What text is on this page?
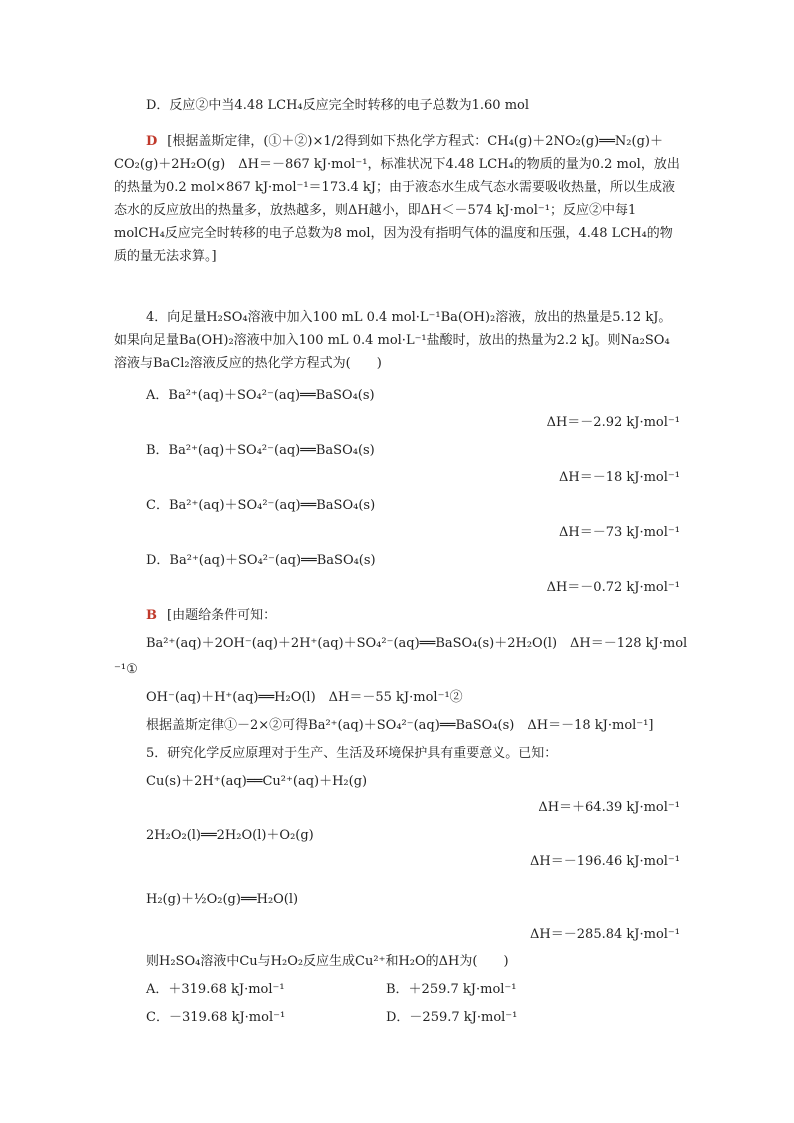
D．反应②中当4.48 LCH₄反应完全时转移的电子总数为1.60 mol
D [根据盖斯定律，(①＋②)×1/2得到如下热化学方程式：CH₄(g)＋2NO₂(g)══N₂(g)＋CO₂(g)＋2H₂O(g)　ΔH＝－867 kJ·mol⁻¹，标准状况下4.48 LCH₄的物质的量为0.2 mol，放出的热量为0.2 mol×867 kJ·mol⁻¹＝173.4 kJ；由于液态水生成气态水需要吸收热量，所以生成液态水的反应放出的热量多，放热越多，则ΔH越小，即ΔH＜－574 kJ·mol⁻¹；反应②中每1 molCH₄反应完全时转移的电子总数为8 mol，因为没有指明气体的温度和压强，4.48 LCH₄的物质的量无法求算。]
4．向足量H₂SO₄溶液中加入100 mL 0.4 mol·L⁻¹Ba(OH)₂溶液，放出的热量是5.12 kJ。如果向足量Ba(OH)₂溶液中加入100 mL 0.4 mol·L⁻¹盐酸时，放出的热量为2.2 kJ。则Na₂SO₄溶液与BaCl₂溶液反应的热化学方程式为(　　)
A．Ba²⁺(aq)＋SO₄²⁻(aq)══BaSO₄(s)
ΔH＝－2.92 kJ·mol⁻¹
B．Ba²⁺(aq)＋SO₄²⁻(aq)══BaSO₄(s)
ΔH＝－18 kJ·mol⁻¹
C．Ba²⁺(aq)＋SO₄²⁻(aq)══BaSO₄(s)
ΔH＝－73 kJ·mol⁻¹
D．Ba²⁺(aq)＋SO₄²⁻(aq)══BaSO₄(s)
ΔH＝－0.72 kJ·mol⁻¹
B [由题给条件可知：
Ba²⁺(aq)＋2OH⁻(aq)＋2H⁺(aq)＋SO₄²⁻(aq)══BaSO₄(s)＋2H₂O(l)　ΔH＝－128 kJ·mol
⁻¹①
OH⁻(aq)＋H⁺(aq)══H₂O(l)　ΔH＝－55 kJ·mol⁻¹②
根据盖斯定律①－2×②可得Ba²⁺(aq)＋SO₄²⁻(aq)══BaSO₄(s)　ΔH＝－18 kJ·mol⁻¹]
5．研究化学反应原理对于生产、生活及环境保护具有重要意义。已知：
Cu(s)＋2H⁺(aq)══Cu²⁺(aq)＋H₂(g)
ΔH＝＋64.39 kJ·mol⁻¹
2H₂O₂(l)══2H₂O(l)＋O₂(g)
ΔH＝－196.46 kJ·mol⁻¹
H₂(g)＋½O₂(g)══H₂O(l)
ΔH＝－285.84 kJ·mol⁻¹
则H₂SO₄溶液中Cu与H₂O₂反应生成Cu²⁺和H₂O的ΔH为(　　)
A．＋319.68 kJ·mol⁻¹	B．＋259.7 kJ·mol⁻¹
C．－319.68 kJ·mol⁻¹	D．－259.7 kJ·mol⁻¹
